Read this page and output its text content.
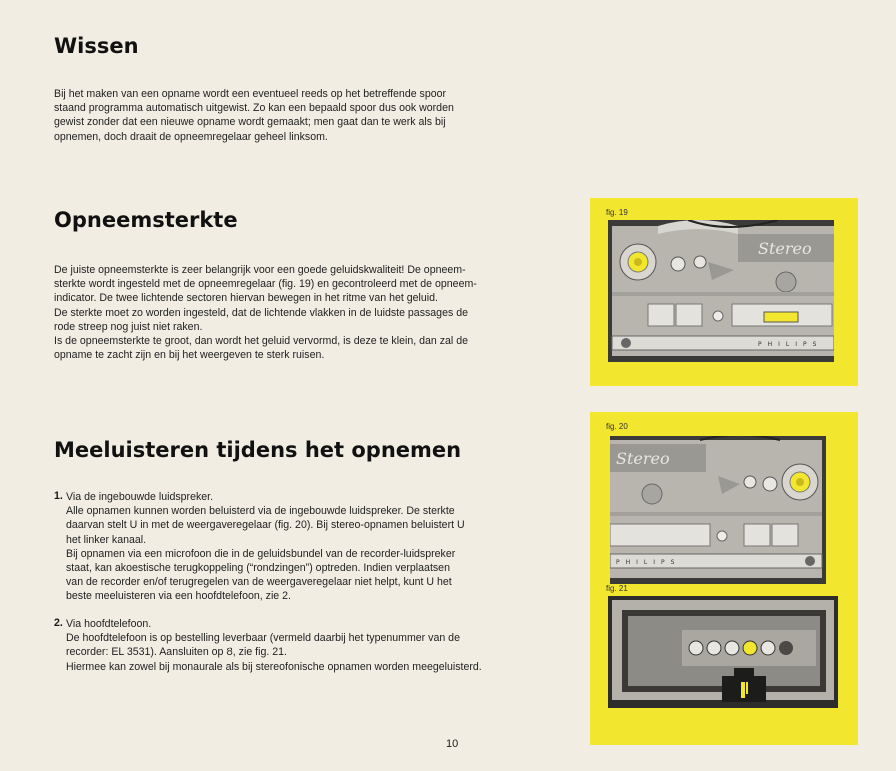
Wissen
Bij het maken van een opname wordt een eventueel reeds op het betreffende spoor
staand programma automatisch uitgewist. Zo kan een bepaald spoor dus ook worden
gewist zonder dat een nieuwe opname wordt gemaakt; men gaat dan te werk als bij
opnemen, doch draait de opneemregelaar geheel linksom.
Opneemsterkte
De juiste opneemsterkte is zeer belangrijk voor een goede geluidskwaliteit! De opneem-
sterkte wordt ingesteld met de opneemregelaar (fig. 19) en gecontroleerd met de opneem-
indicator. De twee lichtende sectoren hiervan bewegen in het ritme van het geluid.
De sterkte moet zo worden ingesteld, dat de lichtende vlakken in de luidste passages de
rode streep nog juist niet raken.
Is de opneemsterkte te groot, dan wordt het geluid vervormd, is deze te klein, dan zal de
opname te zacht zijn en bij het weergeven te sterk ruisen.
Meeluisteren tijdens het opnemen
1. Via de ingebouwde luidspreker.
Alle opnamen kunnen worden beluisterd via de ingebouwde luidspreker. De sterkte
daarvan stelt U in met de weergaveregelaar (fig. 20). Bij stereo-opnamen beluistert U
het linker kanaal.
Bij opnamen via een microfoon die in de geluidsbundel van de recorder-luidspreker
staat, kan akoestische terugkoppeling (“rondzingen”) optreden. Indien verplaatsen
van de recorder en/of terugregelen van de weergaveregelaar niet helpt, kunt U het
beste meeluisteren via een hoofdtelefoon, zie 2.
2. Via hoofdtelefoon.
De hoofdtelefoon is op bestelling leverbaar (vermeld daarbij het typenummer van de
recorder: EL 3531). Aansluiten op Ȣ, zie fig. 21.
Hiermee kan zowel bij monaurale als bij stereofonische opnamen worden meegeluisterd.
10
fig. 19
Stereo
PHILIPS
fig. 20
Stereo
PHILIPS
fig. 21
